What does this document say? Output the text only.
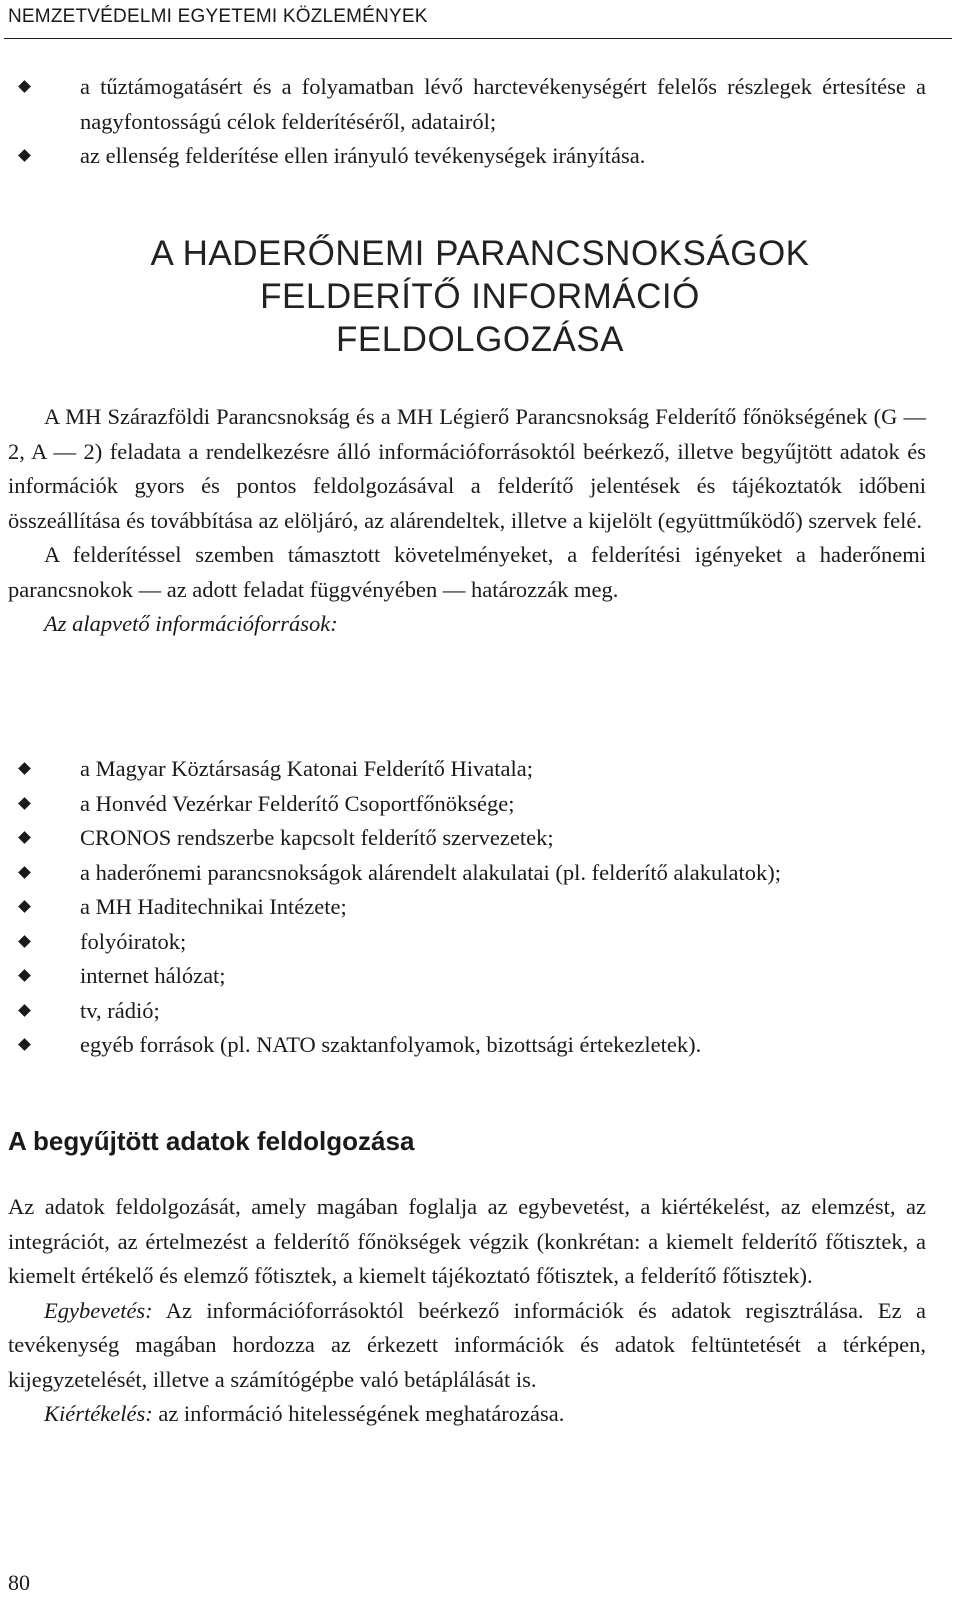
NEMZETVÉDELMI EGYETEMI KÖZLEMÉNYEK
a tűztámogatásért és a folyamatban lévő harctevékenységért felelős részlegek értesítése a nagyfontosságú célok felderítéséről, adatairól;
az ellenség felderítése ellen irányuló tevékenységek irányítása.
A HADERŐNEMI PARANCSNOKSÁGOK
FELDERÍTŐ INFORMÁCIÓ
FELDOLGOZÁSA
A MH Szárazföldi Parancsnokság és a MH Légierő Parancsnokság Felderítő főnökségének (G — 2, A — 2) feladata a rendelkezésre álló információforrásoktól beérkező, illetve begyűjtött adatok és információk gyors és pontos feldolgozásával a felderítő jelentések és tájékoztatók időbeni összeállítása és továbbítása az elöljáró, az alárendeltek, illetve a kijelölt (együttműködő) szervek felé.
A felderítéssel szemben támasztott követelményeket, a felderítési igényeket a haderőnemi parancsnokok — az adott feladat függvényében — határozzák meg.
Az alapvető információforrások:
a Magyar Köztársaság Katonai Felderítő Hivatala;
a Honvéd Vezérkar Felderítő Csoportfőnöksége;
CRONOS rendszerbe kapcsolt felderítő szervezetek;
a haderőnemi parancsnokságok alárendelt alakulatai (pl. felderítő alakulatok);
a MH Haditechnikai Intézete;
folyóiratok;
internet hálózat;
tv, rádió;
egyéb források (pl. NATO szaktanfolyamok, bizottsági értekezletek).
A begyűjtött adatok feldolgozása
Az adatok feldolgozását, amely magában foglalja az egybevetést, a kiértékelést, az elemzést, az integrációt, az értelmezést a felderítő főnökségek végzik (konkrétan: a kiemelt felderítő főtisztek, a kiemelt értékelő és elemző főtisztek, a kiemelt tájékoztató főtisztek, a felderítő főtisztek).
Egybevetés: Az információforrásoktól beérkező információk és adatok regisztrálása. Ez a tevékenység magában hordozza az érkezett információk és adatok feltüntetését a térképen, kijegyzetelését, illetve a számítógépbe való betáplálását is.
Kiértékelés: az információ hitelességének meghatározása.
80
